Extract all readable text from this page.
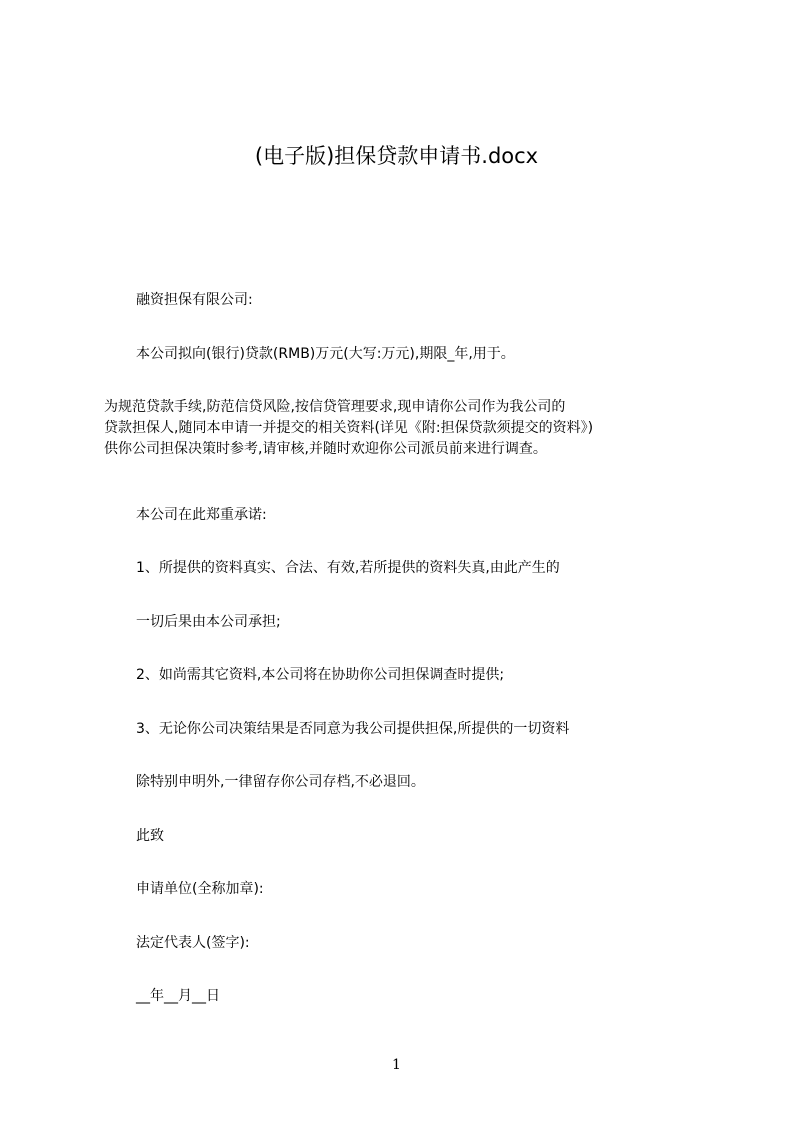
(电子版)担保贷款申请书.docx
融资担保有限公司:
本公司拟向(银行)贷款(RMB)万元(大写:万元),期限_年,用于。
为规范贷款手续,防范信贷风险,按信贷管理要求,现申请你公司作为我公司的
贷款担保人,随同本申请一并提交的相关资料(详见《附:担保贷款须提交的资料》)
供你公司担保决策时参考,请审核,并随时欢迎你公司派员前来进行调查。
本公司在此郑重承诺:
1、所提供的资料真实、合法、有效,若所提供的资料失真,由此产生的
一切后果由本公司承担;
2、如尚需其它资料,本公司将在协助你公司担保调查时提供;
3、无论你公司决策结果是否同意为我公司提供担保,所提供的一切资料
除特别申明外,一律留存你公司存档,不必退回。
此致
申请单位(全称加章):
法定代表人(签字):
__年__月__日
1
